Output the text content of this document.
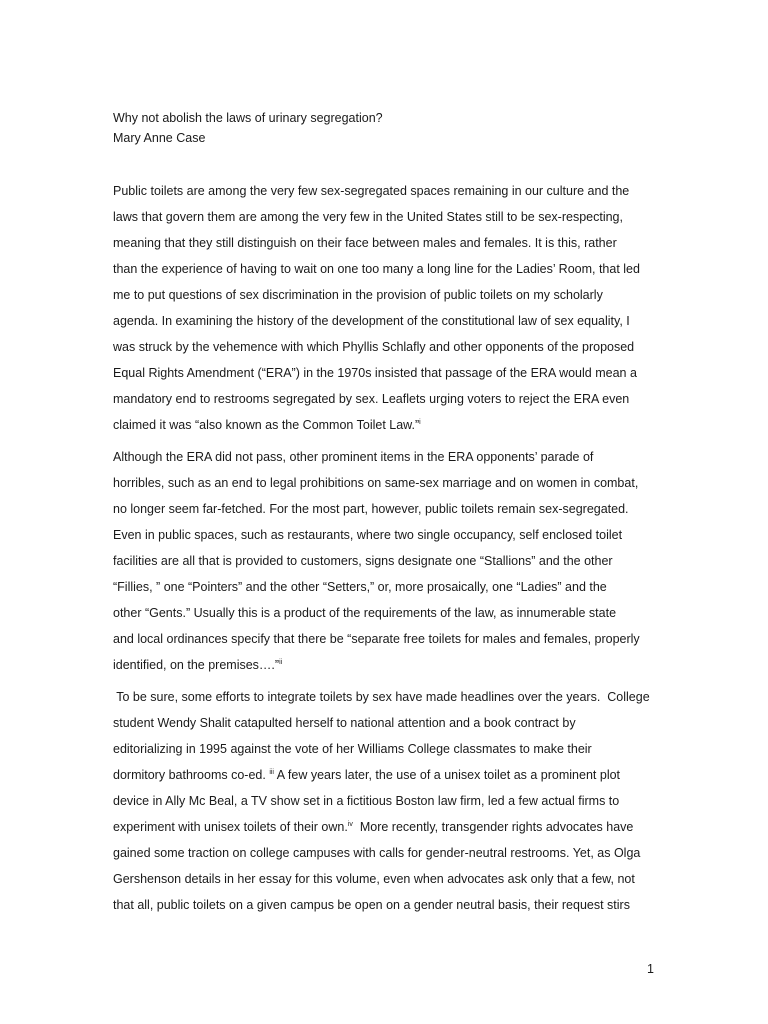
Why not abolish the laws of urinary segregation?

Mary Anne Case

Public toilets are among the very few sex-segregated spaces remaining in our culture and the
laws that govern them are among the very few in the United States still to be sex-respecting,
meaning that they still distinguish on their face between males and females. It is this, rather
than the experience of having to wait on one too many a long line for the Ladies’ Room, that led
me to put questions of sex discrimination in the provision of public toilets on my scholarly
agenda. In examining the history of the development of the constitutional law of sex equality, I
was struck by the vehemence with which Phyllis Schlafly and other opponents of the proposed
Equal Rights Amendment (“ERA”) in the 1970s insisted that passage of the ERA would mean a
mandatory end to restrooms segregated by sex. Leaflets urging voters to reject the ERA even
claimed it was “also known as the Common Toilet Law.”$^i$
Although the ERA did not pass, other prominent items in the ERA opponents’ parade of
horribles, such as an end to legal prohibitions on same-sex marriage and on women in combat,
no longer seem far-fetched. For the most part, however, public toilets remain sex-segregated.
Even in public spaces, such as restaurants, where two single occupancy, self enclosed toilet
facilities are all that is provided to customers, signs designate one “Stallions” and the other
“Fillies, ” one “Pointers” and the other “Setters,” or, more prosaically, one “Ladies” and the
other “Gents.” Usually this is a product of the requirements of the law, as innumerable state
and local ordinances specify that there be “separate free toilets for males and females, properly
identified, on the premises….”$^{ii}$
To be sure, some efforts to integrate toilets by sex have made headlines over the years.  College
student Wendy Shalit catapulted herself to national attention and a book contract by
editorializing in 1995 against the vote of her Williams College classmates to make their
dormitory bathrooms co-ed. $^{iii}$ A few years later, the use of a unisex toilet as a prominent plot
device in Ally Mc Beal, a TV show set in a fictitious Boston law firm, led a few actual firms to
experiment with unisex toilets of their own.$^{iv}$  More recently, transgender rights advocates have
gained some traction on college campuses with calls for gender-neutral restrooms. Yet, as Olga
Gershenson details in her essay for this volume, even when advocates ask only that a few, not
that all, public toilets on a given campus be open on a gender neutral basis, their request stirs
1
